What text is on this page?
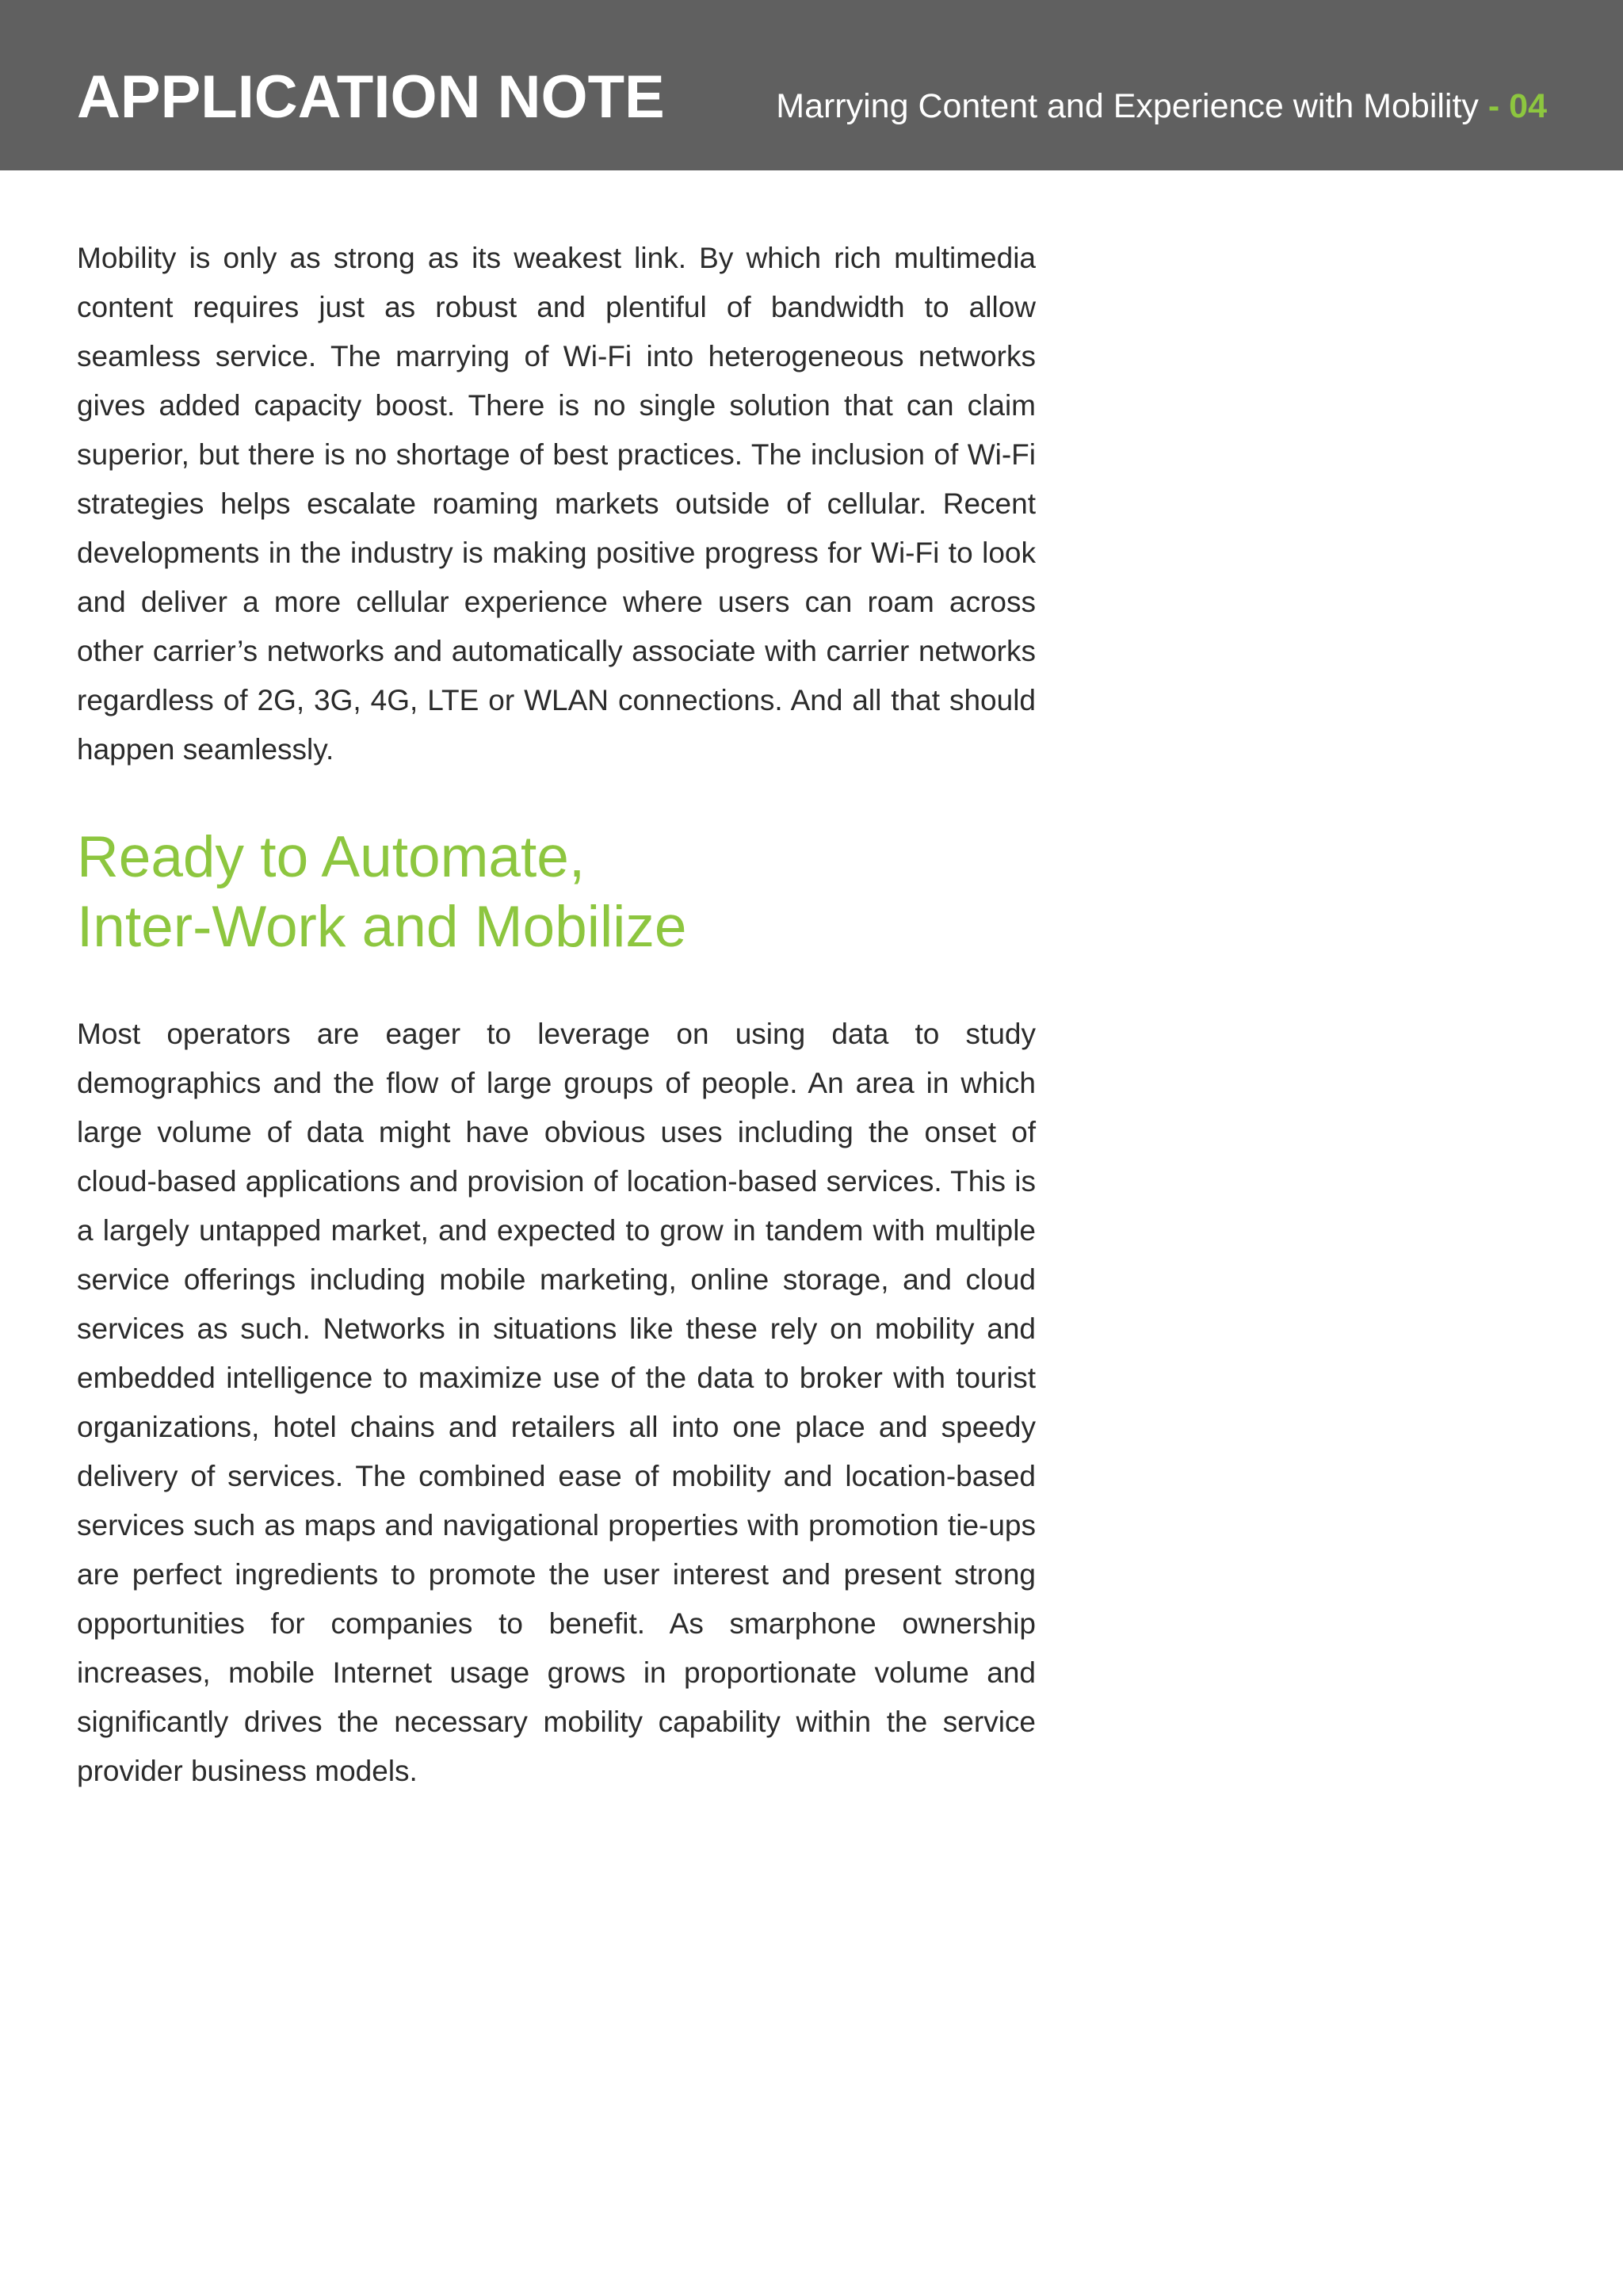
APPLICATION NOTE	Marrying Content and Experience with Mobility - 04

Mobility is only as strong as its weakest link. By which rich multimedia content requires just as robust and plentiful of bandwidth to allow seamless service. The marrying of Wi-Fi into heterogeneous networks gives added capacity boost. There is no single solution that can claim superior, but there is no shortage of best practices. The inclusion of Wi-Fi strategies helps escalate roaming markets outside of cellular. Recent developments in the industry is making positive progress for Wi-Fi to look and deliver a more cellular experience where users can roam across other carrier’s networks and automatically associate with carrier networks regardless of 2G, 3G, 4G, LTE or WLAN connections. And all that should happen seamlessly.

Ready to Automate,
Inter-Work and Mobilize

Most operators are eager to leverage on using data to study demographics and the flow of large groups of people. An area in which large volume of data might have obvious uses including the onset of cloud-based applications and provision of location-based services. This is a largely untapped market, and expected to grow in tandem with multiple service offerings including mobile marketing, online storage, and cloud services as such. Networks in situations like these rely on mobility and embedded intelligence to maximize use of the data to broker with tourist organizations, hotel chains and retailers all into one place and speedy delivery of services. The combined ease of mobility and location-based services such as maps and navigational properties with promotion tie-ups are perfect ingredients to promote the user interest and present strong opportunities for companies to benefit. As smarphone ownership increases, mobile Internet usage grows in proportionate volume and significantly drives the necessary mobility capability within the service provider business models.
